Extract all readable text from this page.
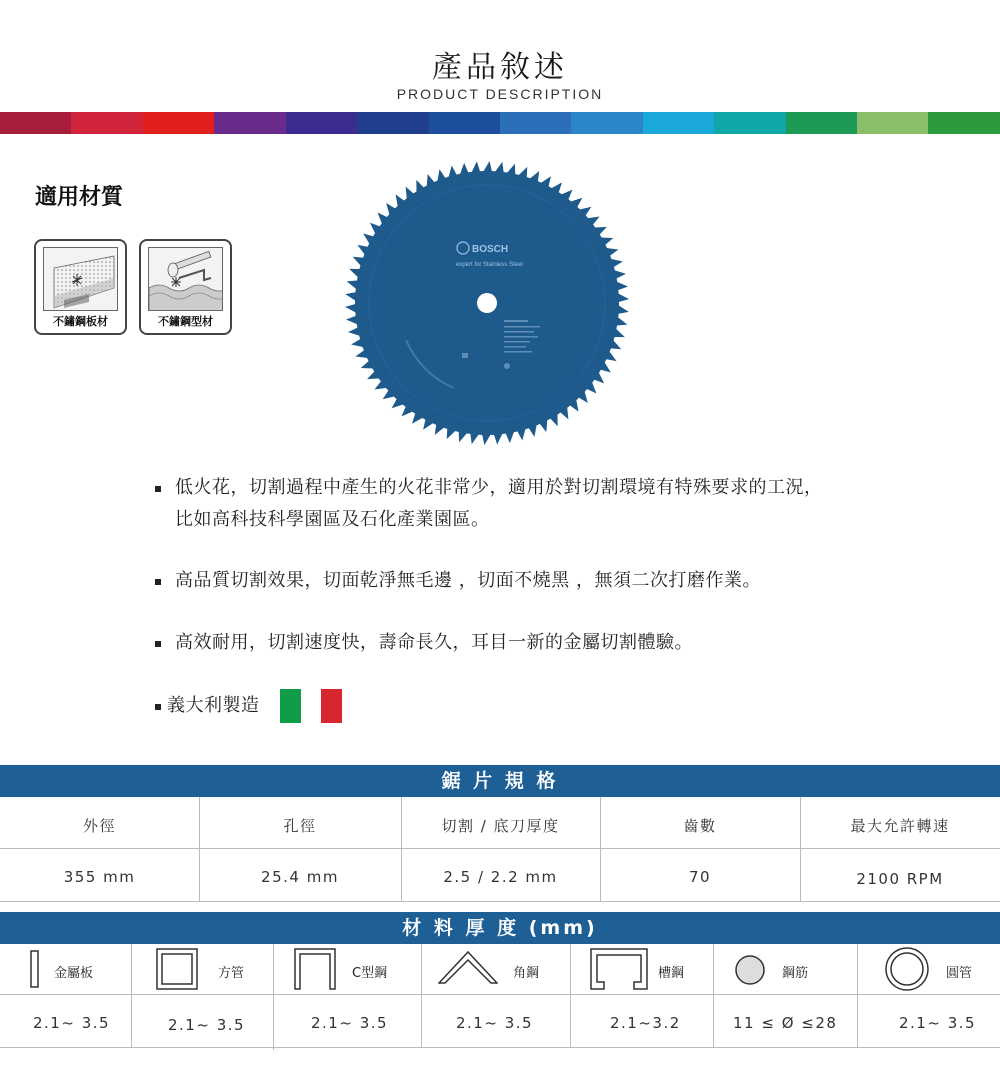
產品敘述
PRODUCT DESCRIPTION
適用材質
不鏽鋼板材	不鏽鋼型材
BOSCH
expert for Stainless Steel
低火花，切割過程中產生的火花非常少，適用於對切割環境有特殊要求的工況，
比如高科技科學園區及石化產業園區。
高品質切割效果，切面乾淨無毛邊 ，切面不燒黑 ，無須二次打磨作業。
高效耐用，切割速度快，壽命長久，耳目一新的金屬切割體驗。
義大利製造
鋸 片 規 格
外徑	孔徑	切割 / 底刀厚度	齒數	最大允許轉速
355 mm	25.4 mm	2.5 / 2.2 mm	70	2100 RPM
材 料 厚 度 (mm)
金屬板	方管	C型鋼	角鋼	槽鋼	鋼筋	圓管
2.1~ 3.5	2.1~ 3.5	2.1~ 3.5	2.1~ 3.5	2.1~3.2	11 ≤ Ø ≤28	2.1~ 3.5
